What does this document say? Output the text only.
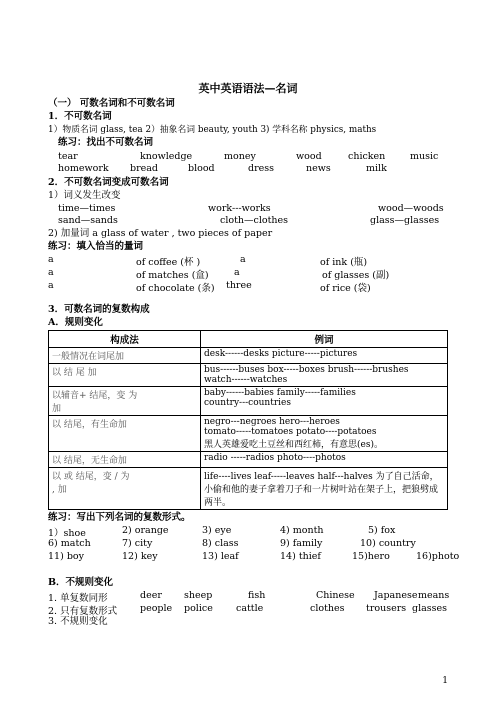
英中英语语法—名词
（一） 可数名词和不可数名词
1．不可数名词
1）物质名词 glass, tea 2）抽象名词 beauty, youth 3) 学科名称 physics, maths
练习：找出不可数名词
tear	knowledge	money	wood	chicken	music
homework bread	blood	dress	news	milk
2．不可数名词变成可数名词
1）词义发生改变
time—times	work---works	wood—woods
sand—sands	cloth—clothes	glass—glasses
2) 加量词 a glass of water , two pieces of paper
练习：填入恰当的量词
a	of coffee (杯 )	a	of ink (瓶)
a	of matches (盒)	a	of glasses (副)
a	of chocolate (条) three	of rice (袋)
3．可数名词的复数构成
A．规则变化
构成法	例词
一般情况在词尾加	desk------desks picture-----pictures
以 结 尾 加	bus------buses box-----boxes brush------brushes
watch------watches
以辅音+ 结尾，变 为
加	baby------babies family-----families
country---countries
以 结尾，有生命加	negro---negroes hero---heroes
tomato-----tomatoes potato----potatoes
黑人英雄爱吃土豆丝和西红柿，有意思(es)。
以 结尾，无生命加	radio -----radios photo----photos
以 或 结尾，变 / 为
, 加	life----lives leaf-----leaves half---halves 为了自己活命，小偷和他的妻子拿着刀子和一片树叶站在架子上，把狼劈成两半。
练习：写出下列名词的复数形式。
1）shoe	2) orange	3) eye	4) month	5) fox
6) match	7) city	8) class	9) family	10) country
11) boy	12) key	13) leaf	14) thief	15)hero	16)photo
B．不规则变化
1. 单复数同形	deer sheep	fish	Chinese Japanese means
2. 只有复数形式 people police cattle	clothes trousers glasses
3. 不规则变化
1
